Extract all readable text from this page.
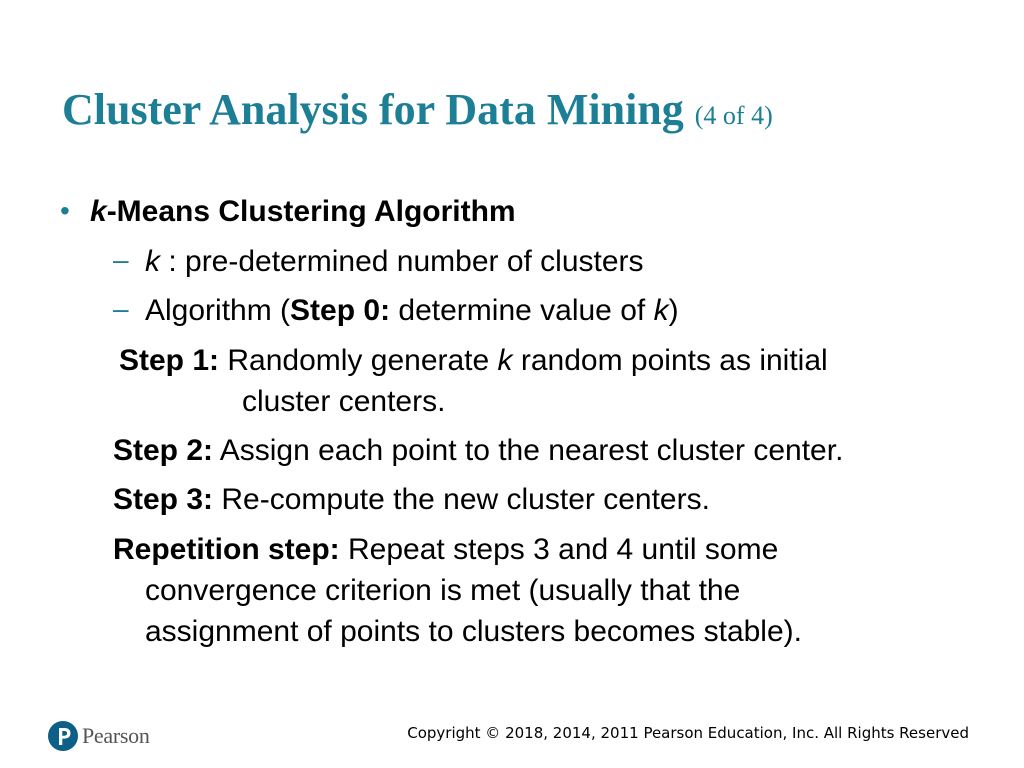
Cluster Analysis for Data Mining (4 of 4)
• k-Means Clustering Algorithm
– k : pre-determined number of clusters
– Algorithm (Step 0: determine value of k)
Step 1: Randomly generate k random points as initial
cluster centers.
Step 2: Assign each point to the nearest cluster center.
Step 3: Re-compute the new cluster centers.
Repetition step: Repeat steps 3 and 4 until some
convergence criterion is met (usually that the
assignment of points to clusters becomes stable).
Pearson	Copyright © 2018, 2014, 2011 Pearson Education, Inc. All Rights Reserved
